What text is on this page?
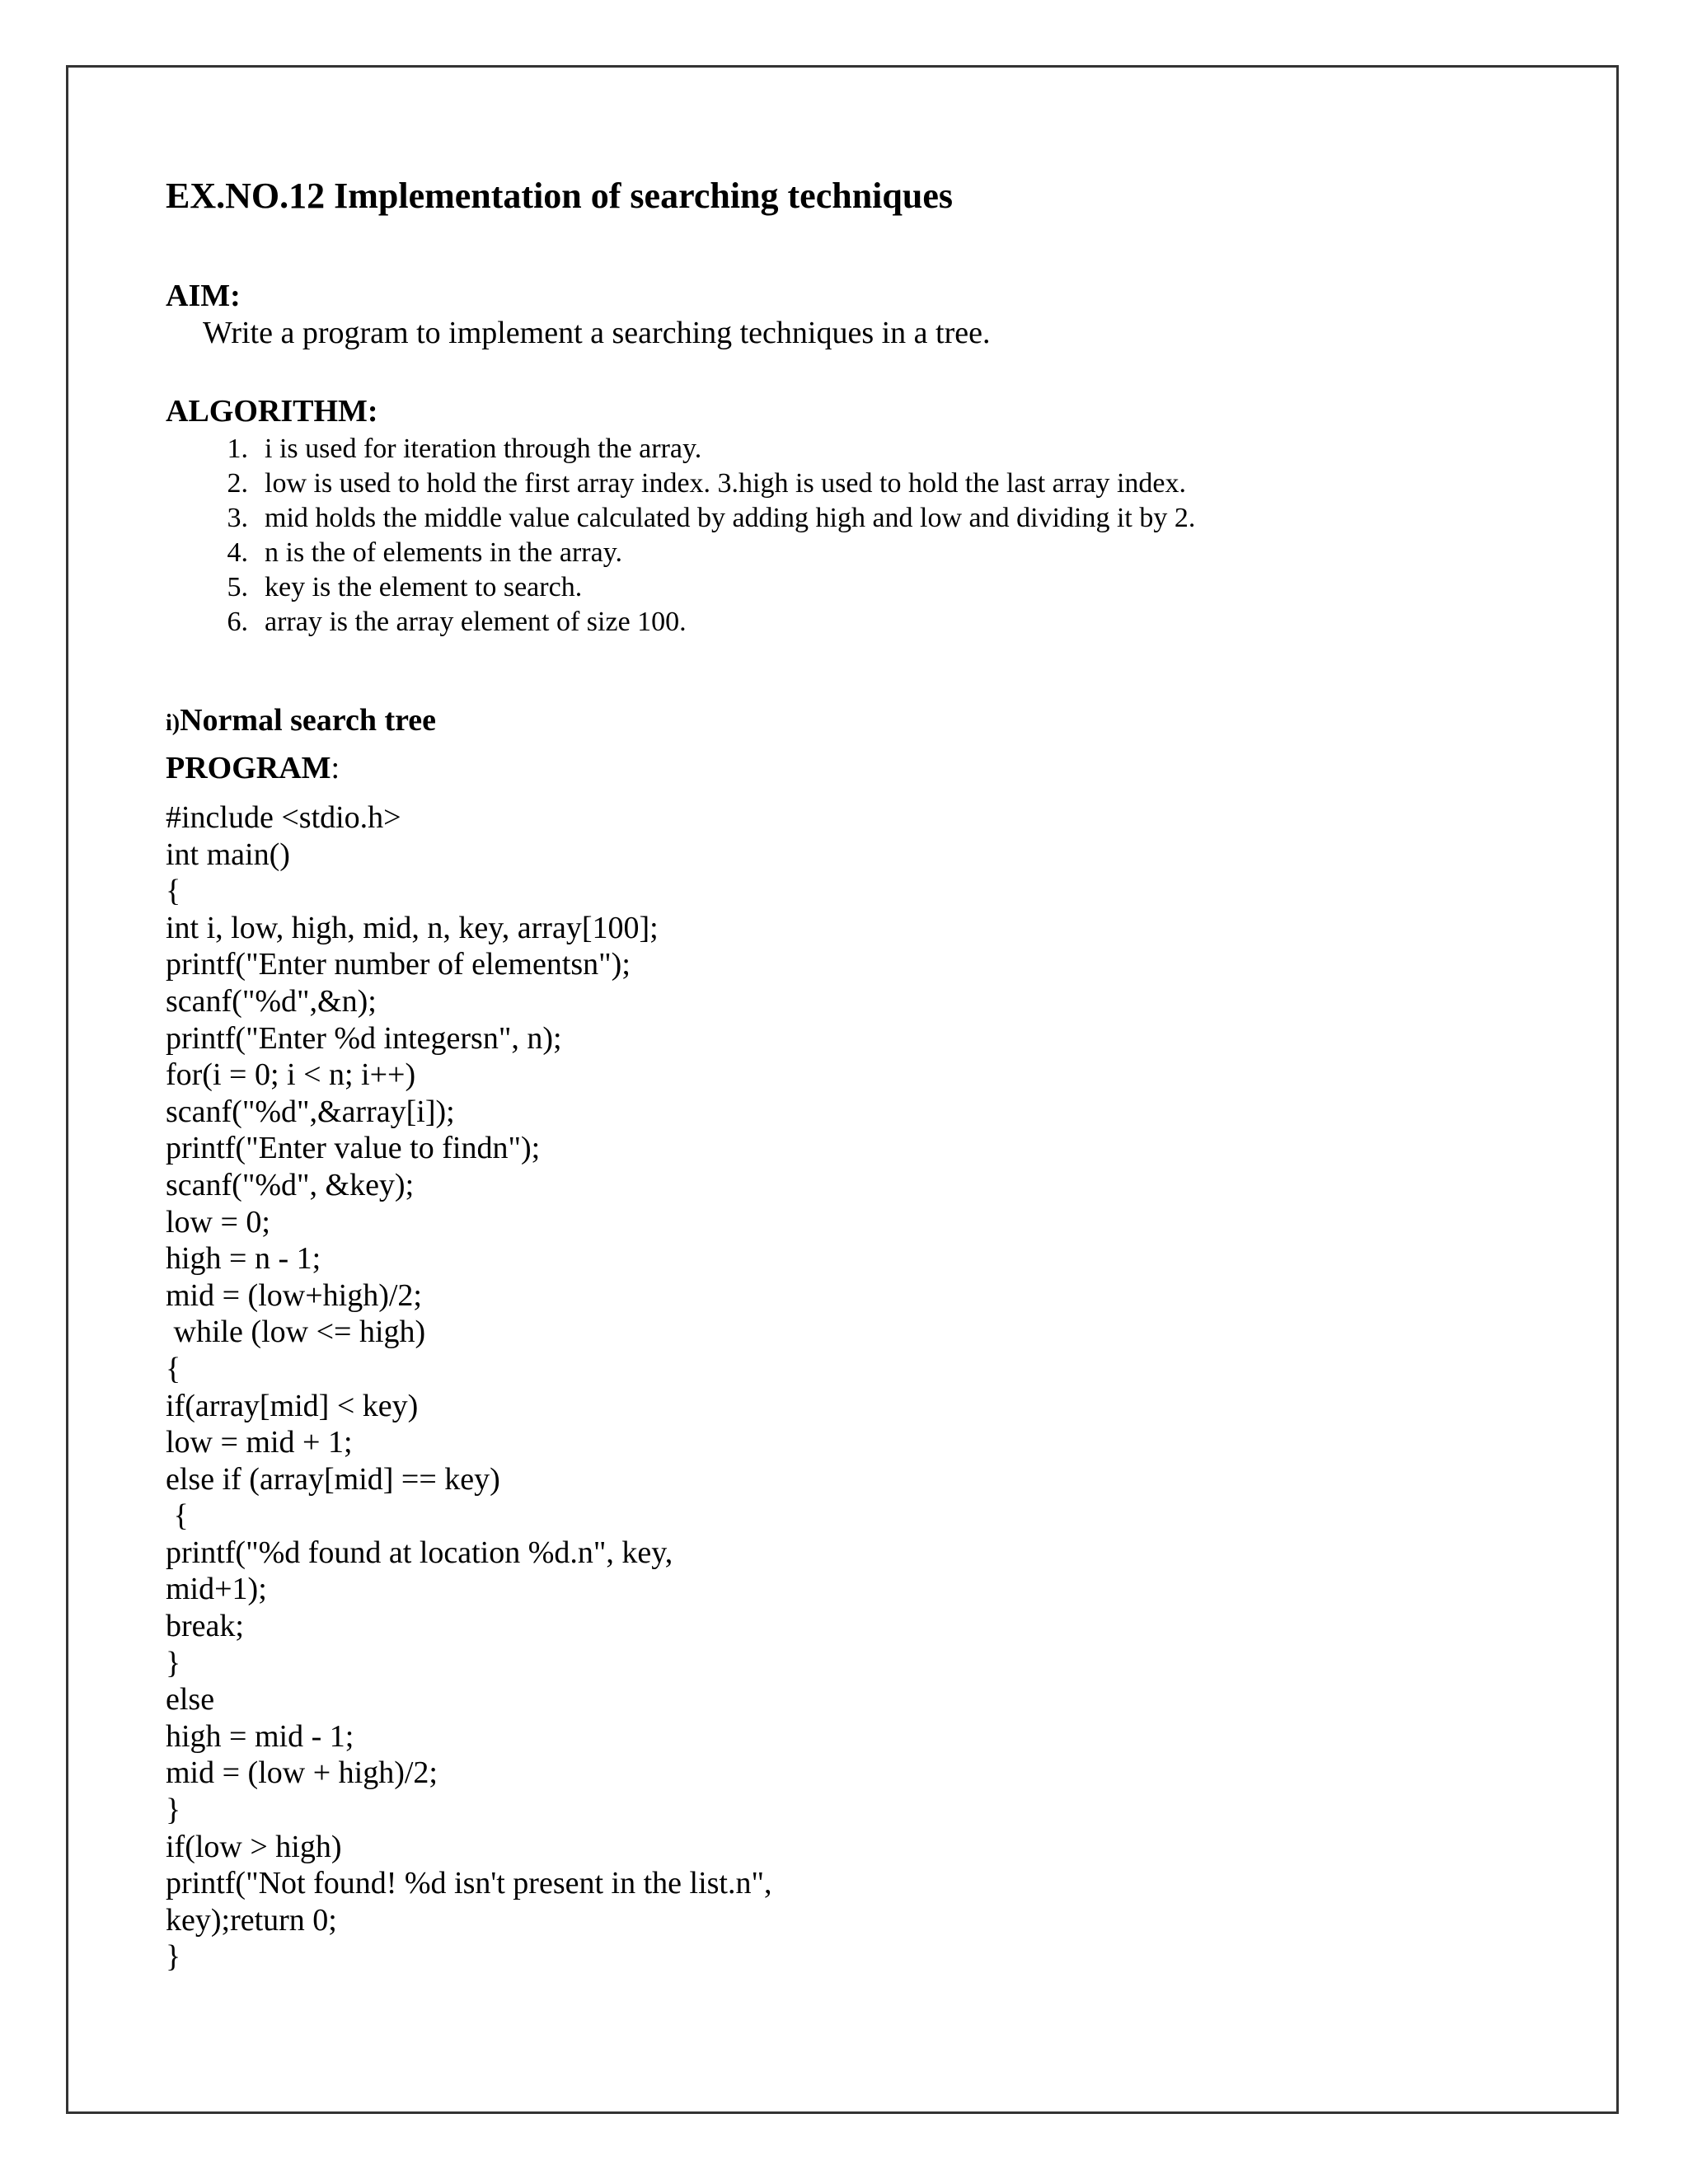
EX.NO.12 Implementation of searching techniques
AIM:
Write a program to implement a searching techniques in a tree.
ALGORITHM:
1. i is used for iteration through the array.
2. low is used to hold the first array index. 3.high is used to hold the last array index.
3. mid holds the middle value calculated by adding high and low and dividing it by 2.
4. n is the of elements in the array.
5. key is the element to search.
6. array is the array element of size 100.
i)Normal search tree
PROGRAM:
#include <stdio.h>
int main()
{
int i, low, high, mid, n, key, array[100];
printf("Enter number of elementsn");
scanf("%d",&n);
printf("Enter %d integersn", n);
for(i = 0; i < n; i++)
scanf("%d",&array[i]);
printf("Enter value to findn");
scanf("%d", &key);
low = 0;
high = n - 1;
mid = (low+high)/2;
while (low <= high)
{
if(array[mid] < key)
low = mid + 1;
else if (array[mid] == key)
{
printf("%d found at location %d.n", key,
mid+1);
break;
}
else
high = mid - 1;
mid = (low + high)/2;
}
if(low > high)
printf("Not found! %d isn't present in the list.n",
key);return 0;
}
